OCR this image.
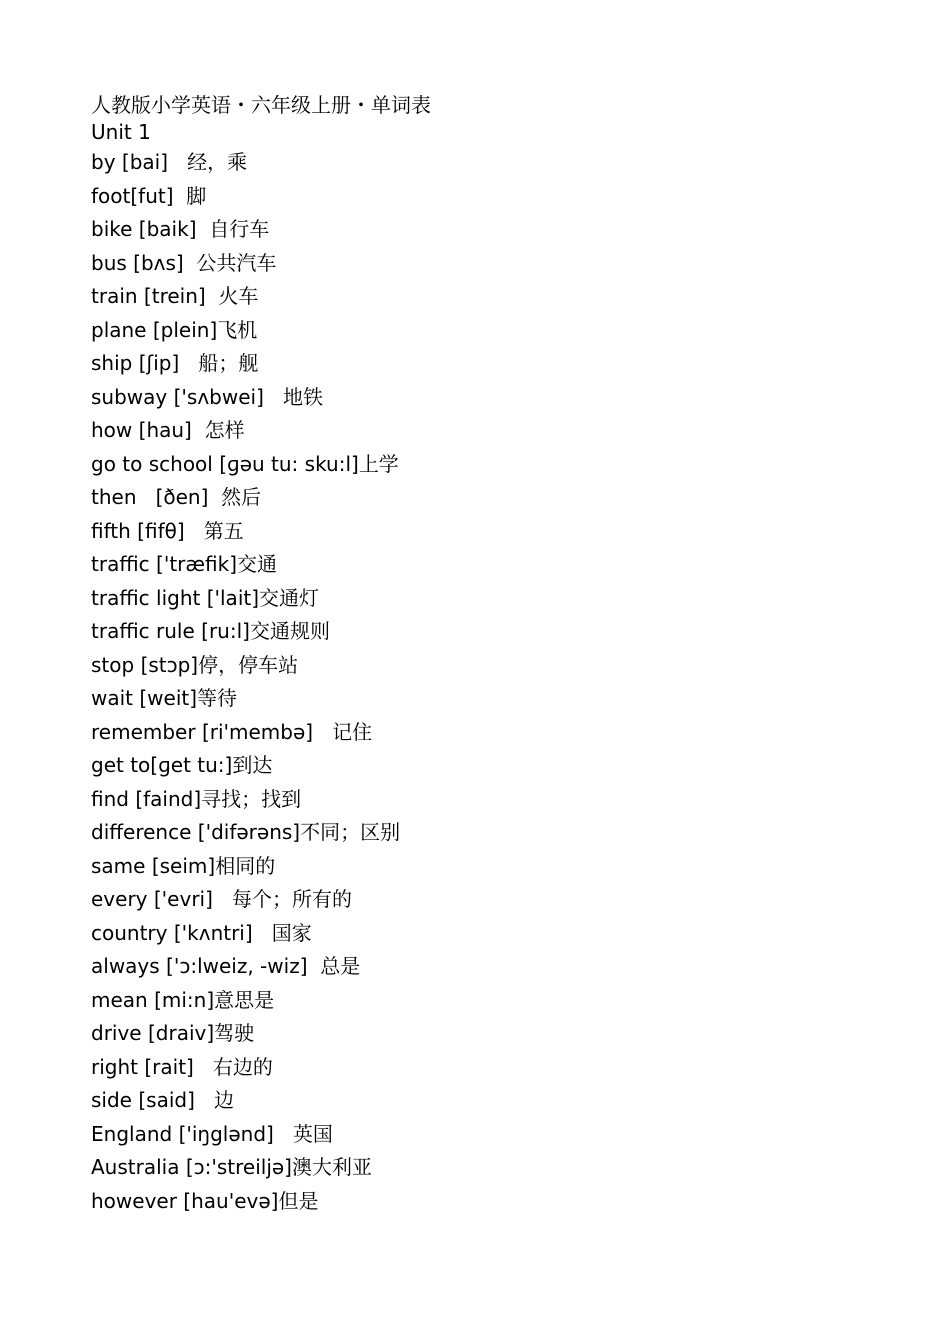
人教版小学英语・六年级上册・单词表
Unit 1
by [bai]   经，乘
foot[fut]  脚
bike [baik]  自行车
bus [bʌs]  公共汽车
train [trein]  火车
plane [plein]飞机
ship [ʃip]   船；舰
subway ['sʌbwei]   地铁
how [hau]  怎样
go to school [ɡəu tu: sku:l]上学
then   [ðen]  然后
fifth [fifθ]   第五
traffic ['træfik]交通
traffic light ['lait]交通灯
traffic rule [ru:l]交通规则
stop [stɔp]停，停车站
wait [weit]等待
remember [ri'membə]   记住
get to[ɡet tu:]到达
find [faind]寻找；找到
difference ['difərəns]不同；区别
same [seim]相同的
every ['evri]   每个；所有的
country ['kʌntri]   国家
always ['ɔ:lweiz, -wiz]  总是
mean [mi:n]意思是
drive [draiv]驾驶
right [rait]   右边的
side [said]   边
England ['iŋglənd]   英国
Australia [ɔ:'streiljə]澳大利亚
however [hau'evə]但是
